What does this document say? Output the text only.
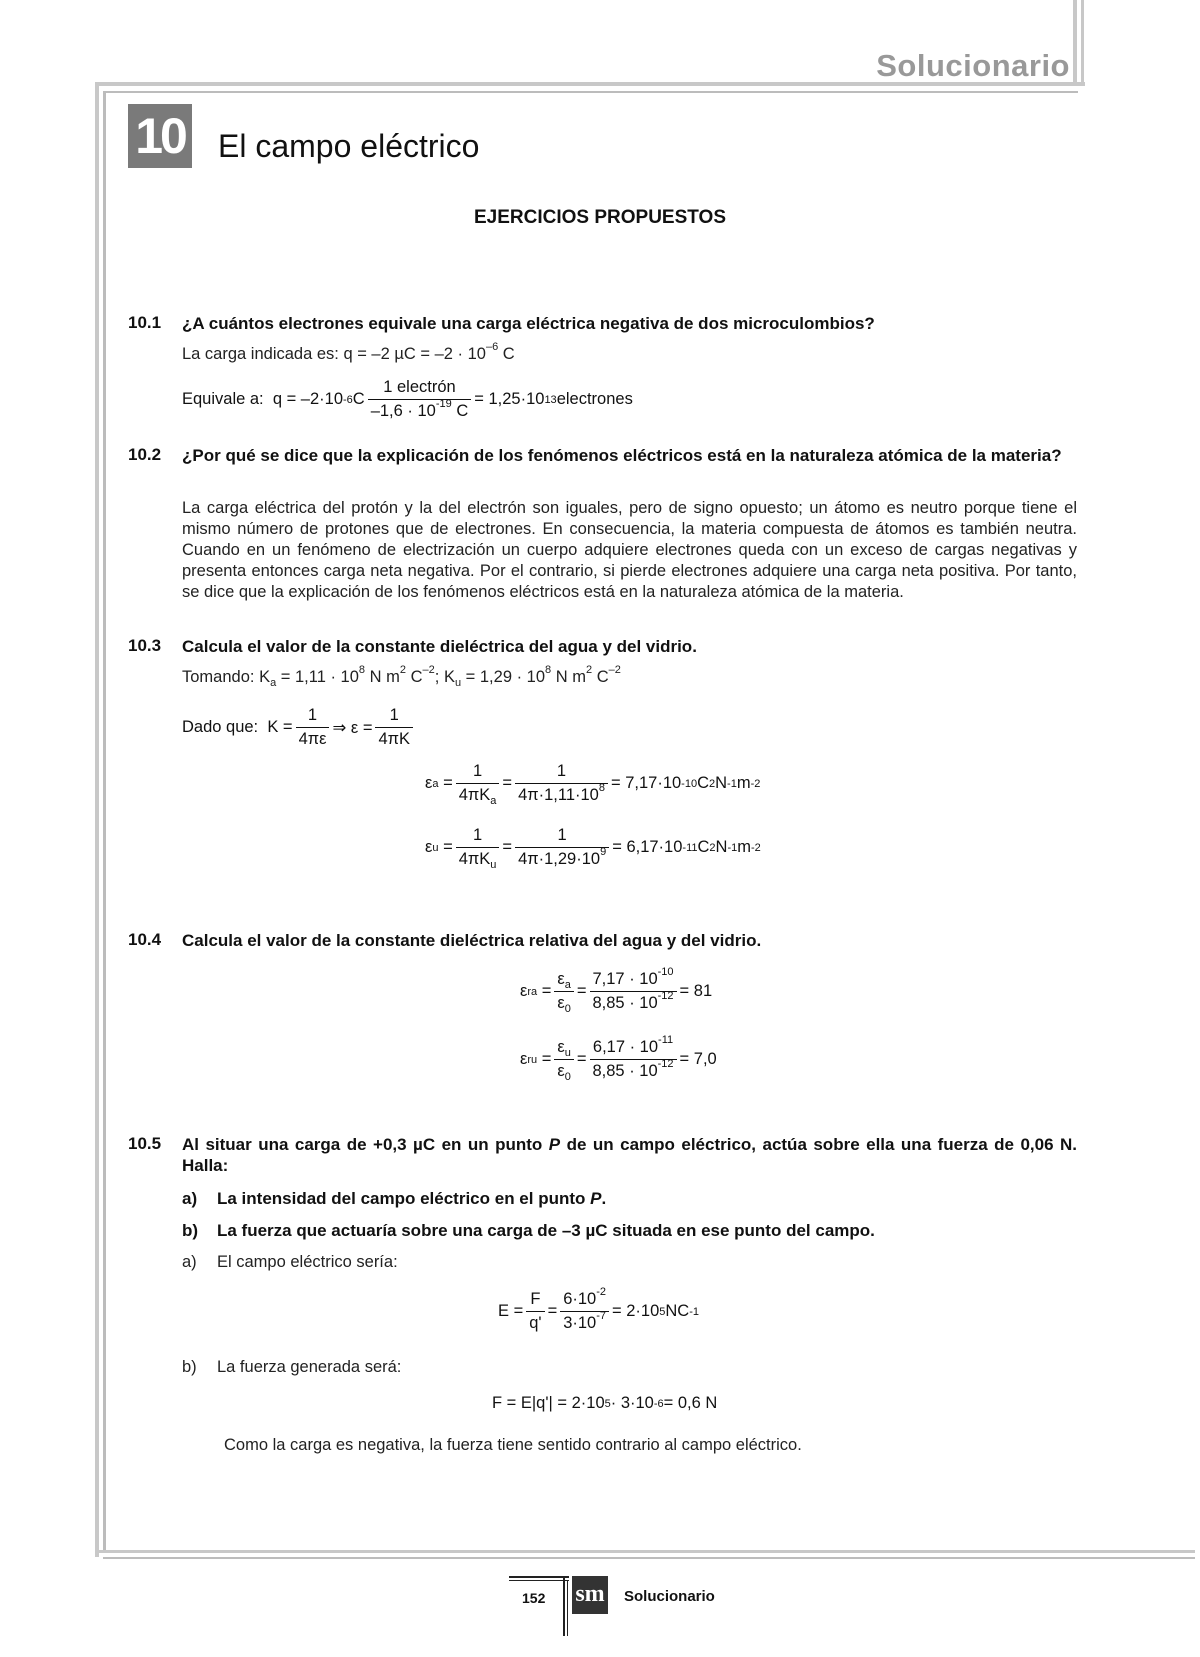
Solucionario
10 El campo eléctrico
EJERCICIOS PROPUESTOS
10.1 ¿A cuántos electrones equivale una carga eléctrica negativa de dos microculombios?
La carga indicada es: q = –2 $\mu C = -2 \cdot 10^{-6}$ C
Equivale a:
q = –2·10 -6 C $\frac{\text{1 electrón}}{-1,6 \cdot 10^{-19} C} = 1,25\cdot 10$ 13 electrones
10.2 ¿Por qué se dice que la explicación de los fenómenos eléctricos está en la naturaleza atómica de la materia?
La carga eléctrica del protón y la del electrón son iguales, pero de signo opuesto; un átomo es neutro porque tiene el mismo número de protones que de electrones. En consecuencia, la materia compuesta de átomos es también neutra. Cuando en un fenómeno de electrización un cuerpo adquiere electrones queda con un exceso de cargas negativas y presenta entonces carga neta negativa. Por el contrario, si pierde electrones adquiere una carga neta positiva. Por tanto, se dice que la explicación de los fenómenos eléctricos está en la naturaleza atómica de la materia.
10.3 Calcula el valor de la constante dieléctrica del agua y del vidrio.
Tomando: $K_a = 1,11 \cdot 10^8$ N $m^2$ $C^{-2}$; $K_u = 1,29 \cdot 10^8$ N $m^2$ $C^{-2}$
Dado que:
$K = \frac{1}{4\pi\varepsilon}$ ⇒ $\varepsilon = \frac{1}{4\pi K}$
ε a
= $\frac{1}{4\pi K_a} = \frac{1}{4\pi\cdot 1,11\cdot 10^8} = 7,17\cdot 10$ -10 C 2 N -1 m -2
ε u
= $\frac{1}{4\pi K_u} = \frac{1}{4\pi\cdot 1,29\cdot 10^9} = 6,17\cdot 10$ -11 C 2 N -1 m -2
10.4 Calcula el valor de la constante dieléctrica relativa del agua y del vidrio.
ε ra = $\frac{\varepsilon_a}{\varepsilon_0} = \frac{7,17 \cdot 10^{-10}}{8,85 \cdot 10^{-12}} = 81$
ε ru = $\frac{\varepsilon_u}{\varepsilon_0} = \frac{6,17 \cdot 10^{-11}}{8,85 \cdot 10^{-12}} = 7,0$
10.5 Al situar una carga de +0,3 µC en un punto P de un campo eléctrico, actúa sobre ella una fuerza de 0,06 N. Halla:
a) La intensidad del campo eléctrico en el punto P.
b) La fuerza que actuaría sobre una carga de –3 µC situada en ese punto del campo.
a) El campo eléctrico sería:
$E = \frac{F}{q'} = \frac{6\cdot 10^{-2}}{3\cdot 10^{-7}} = 2\cdot 10$ 5 NC -1
b) La fuerza generada será:
F = E|q'| = 2·10 5 · 3·10 -6 = 0,6 N
Como la carga es negativa, la fuerza tiene sentido contrario al campo eléctrico.
152 sm Solucionario
